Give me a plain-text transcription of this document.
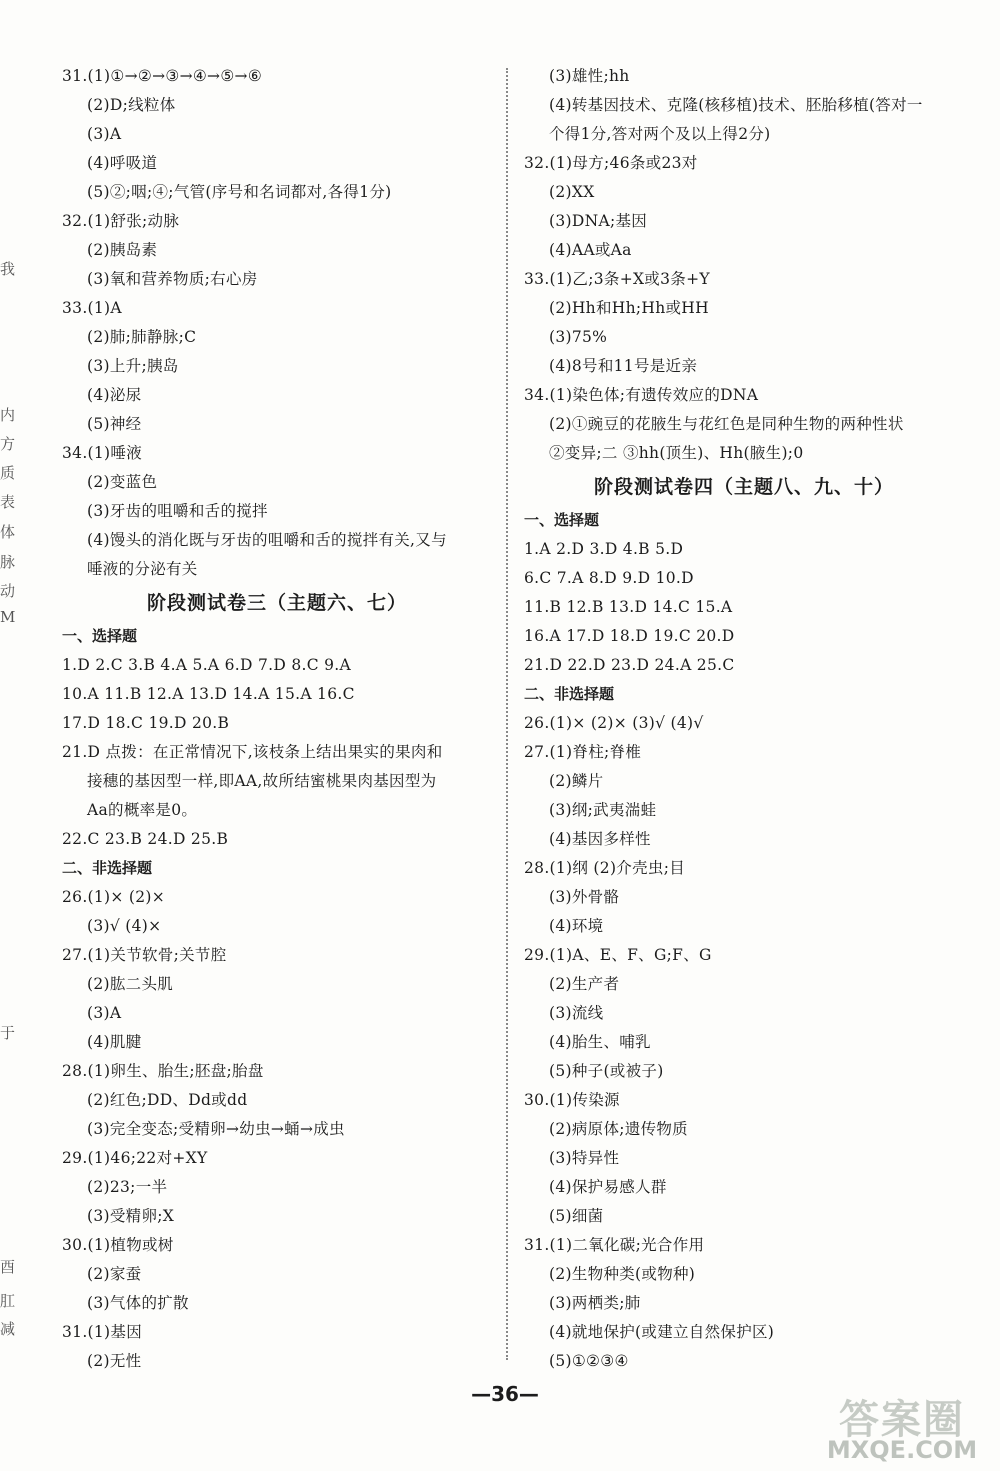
我
内
方
质
表
体
脉
动
M
于
酉
肛
减
31.(1)①→②→③→④→⑤→⑥
(2)D;线粒体
(3)A
(4)呼吸道
(5)②;咽;④;气管(序号和名词都对,各得1分)
32.(1)舒张;动脉
(2)胰岛素
(3)氧和营养物质;右心房
33.(1)A
(2)肺;肺静脉;C
(3)上升;胰岛
(4)泌尿
(5)神经
34.(1)唾液
(2)变蓝色
(3)牙齿的咀嚼和舌的搅拌
(4)馒头的消化既与牙齿的咀嚼和舌的搅拌有关,又与
唾液的分泌有关
阶段测试卷三（主题六、七）
一、选择题
1.D 2.C 3.B 4.A 5.A 6.D 7.D 8.C 9.A
10.A 11.B 12.A 13.D 14.A 15.A 16.C
17.D 18.C 19.D 20.B
21.D 点拨：在正常情况下,该枝条上结出果实的果肉和
接穗的基因型一样,即AA,故所结蜜桃果肉基因型为
Aa的概率是0。
22.C 23.B 24.D 25.B
二、非选择题
26.(1)× (2)×
(3)√ (4)×
27.(1)关节软骨;关节腔
(2)肱二头肌
(3)A
(4)肌腱
28.(1)卵生、胎生;胚盘;胎盘
(2)红色;DD、Dd或dd
(3)完全变态;受精卵→幼虫→蛹→成虫
29.(1)46;22对+XY
(2)23;一半
(3)受精卵;X
30.(1)植物或树
(2)家蚕
(3)气体的扩散
31.(1)基因
(2)无性
(3)雄性;hh
(4)转基因技术、克隆(核移植)技术、胚胎移植(答对一
个得1分,答对两个及以上得2分)
32.(1)母方;46条或23对
(2)XX
(3)DNA;基因
(4)AA或Aa
33.(1)乙;3条+X或3条+Y
(2)Hh和Hh;Hh或HH
(3)75%
(4)8号和11号是近亲
34.(1)染色体;有遗传效应的DNA
(2)①豌豆的花腋生与花红色是同种生物的两种性状
②变异;二 ③hh(顶生)、Hh(腋生);0
阶段测试卷四（主题八、九、十）
一、选择题
1.A 2.D 3.D 4.B 5.D
6.C 7.A 8.D 9.D 10.D
11.B 12.B 13.D 14.C 15.A
16.A 17.D 18.D 19.C 20.D
21.D 22.D 23.D 24.A 25.C
二、非选择题
26.(1)× (2)× (3)√ (4)√
27.(1)脊柱;脊椎
(2)鳞片
(3)纲;武夷湍蛙
(4)基因多样性
28.(1)纲 (2)介壳虫;目
(3)外骨骼
(4)环境
29.(1)A、E、F、G;F、G
(2)生产者
(3)流线
(4)胎生、哺乳
(5)种子(或被子)
30.(1)传染源
(2)病原体;遗传物质
(3)特异性
(4)保护易感人群
(5)细菌
31.(1)二氧化碳;光合作用
(2)生物种类(或物种)
(3)两栖类;肺
(4)就地保护(或建立自然保护区)
(5)①②③④
—36—
答案圈
MXQE.COM
